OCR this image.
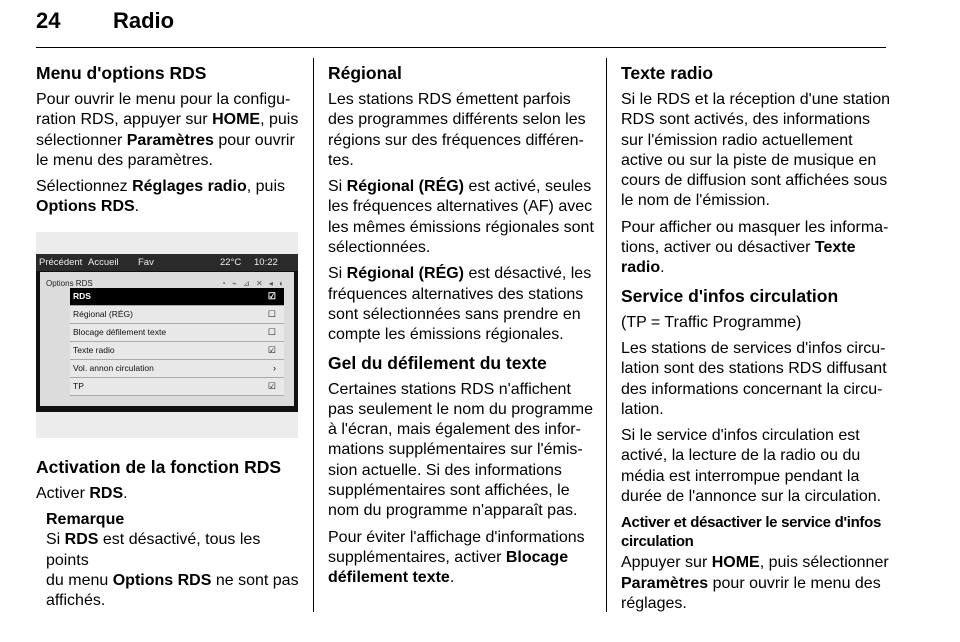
24 Radio
Menu d'options RDS

Pour ouvrir le menu pour la configu-
ration RDS, appuyer sur HOME, puis
sélectionner Paramètres pour ouvrir
le menu des paramètres.

Sélectionnez Réglages radio, puis
Options RDS.

Précédent Accueil Fav	22°C 10:22
Options RDS	◔ ⌁ ⊿ ✕ ◂ ◐
RDS	☑
Régional (RÉG)	☐
Blocage défilement texte	☐
Texte radio	☑
Vol. annon circulation	›
TP	☑
Activation de la fonction RDS

Activer RDS.

Remarque
Si RDS est désactivé, tous les points
du menu Options RDS ne sont pas
affichés.
Régional

Les stations RDS émettent parfois
des programmes différents selon les
régions sur des fréquences différen-
tes.

Si Régional (RÉG) est activé, seules
les fréquences alternatives (AF) avec
les mêmes émissions régionales sont
sélectionnées.

Si Régional (RÉG) est désactivé, les
fréquences alternatives des stations
sont sélectionnées sans prendre en
compte les émissions régionales.

Gel du défilement du texte

Certaines stations RDS n'affichent
pas seulement le nom du programme
à l'écran, mais également des infor-
mations supplémentaires sur l'émis-
sion actuelle. Si des informations
supplémentaires sont affichées, le
nom du programme n'apparaît pas.

Pour éviter l'affichage d'informations
supplémentaires, activer Blocage
défilement texte.

Texte radio

Si le RDS et la réception d'une station
RDS sont activés, des informations
sur l'émission radio actuellement
active ou sur la piste de musique en
cours de diffusion sont affichées sous
le nom de l'émission.

Pour afficher ou masquer les informa-
tions, activer ou désactiver Texte
radio.

Service d'infos circulation

(TP = Traffic Programme)

Les stations de services d'infos circu-
lation sont des stations RDS diffusant
des informations concernant la circu-
lation.

Si le service d'infos circulation est
activé, la lecture de la radio ou du
média est interrompue pendant la
durée de l'annonce sur la circulation.

Activer et désactiver le service d'infos
circulation

Appuyer sur HOME, puis sélectionner
Paramètres pour ouvrir le menu des
réglages.
